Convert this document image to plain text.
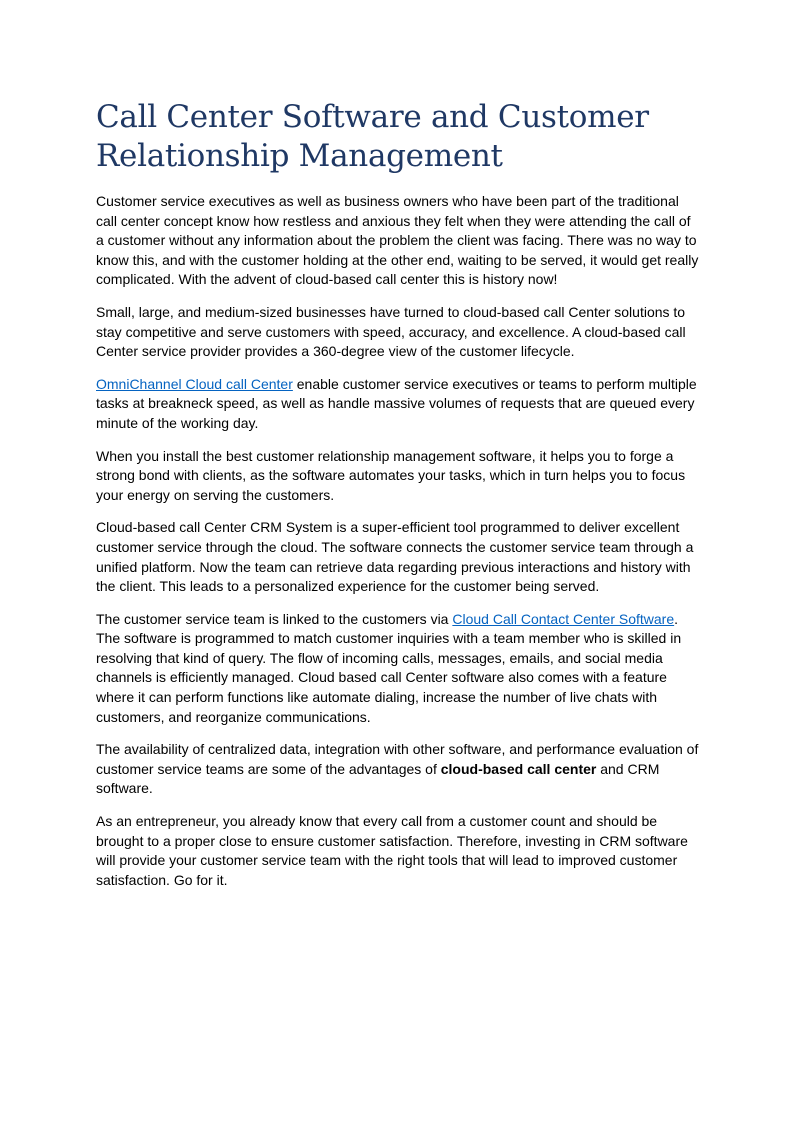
Call Center Software and Customer Relationship Management

Customer service executives as well as business owners who have been part of the traditional call center concept know how restless and anxious they felt when they were attending the call of a customer without any information about the problem the client was facing. There was no way to know this, and with the customer holding at the other end, waiting to be served, it would get really complicated. With the advent of cloud-based call center this is history now!

Small, large, and medium-sized businesses have turned to cloud-based call Center solutions to stay competitive and serve customers with speed, accuracy, and excellence. A cloud-based call Center service provider provides a 360-degree view of the customer lifecycle.

OmniChannel Cloud call Center enable customer service executives or teams to perform multiple tasks at breakneck speed, as well as handle massive volumes of requests that are queued every minute of the working day.

When you install the best customer relationship management software, it helps you to forge a strong bond with clients, as the software automates your tasks, which in turn helps you to focus your energy on serving the customers.

Cloud-based call Center CRM System is a super-efficient tool programmed to deliver excellent customer service through the cloud. The software connects the customer service team through a unified platform. Now the team can retrieve data regarding previous interactions and history with the client. This leads to a personalized experience for the customer being served.

The customer service team is linked to the customers via Cloud Call Contact Center Software. The software is programmed to match customer inquiries with a team member who is skilled in resolving that kind of query. The flow of incoming calls, messages, emails, and social media channels is efficiently managed. Cloud based call Center software also comes with a feature where it can perform functions like automate dialing, increase the number of live chats with customers, and reorganize communications.

The availability of centralized data, integration with other software, and performance evaluation of customer service teams are some of the advantages of cloud-based call center and CRM software.

As an entrepreneur, you already know that every call from a customer count and should be brought to a proper close to ensure customer satisfaction. Therefore, investing in CRM software will provide your customer service team with the right tools that will lead to improved customer satisfaction. Go for it.
